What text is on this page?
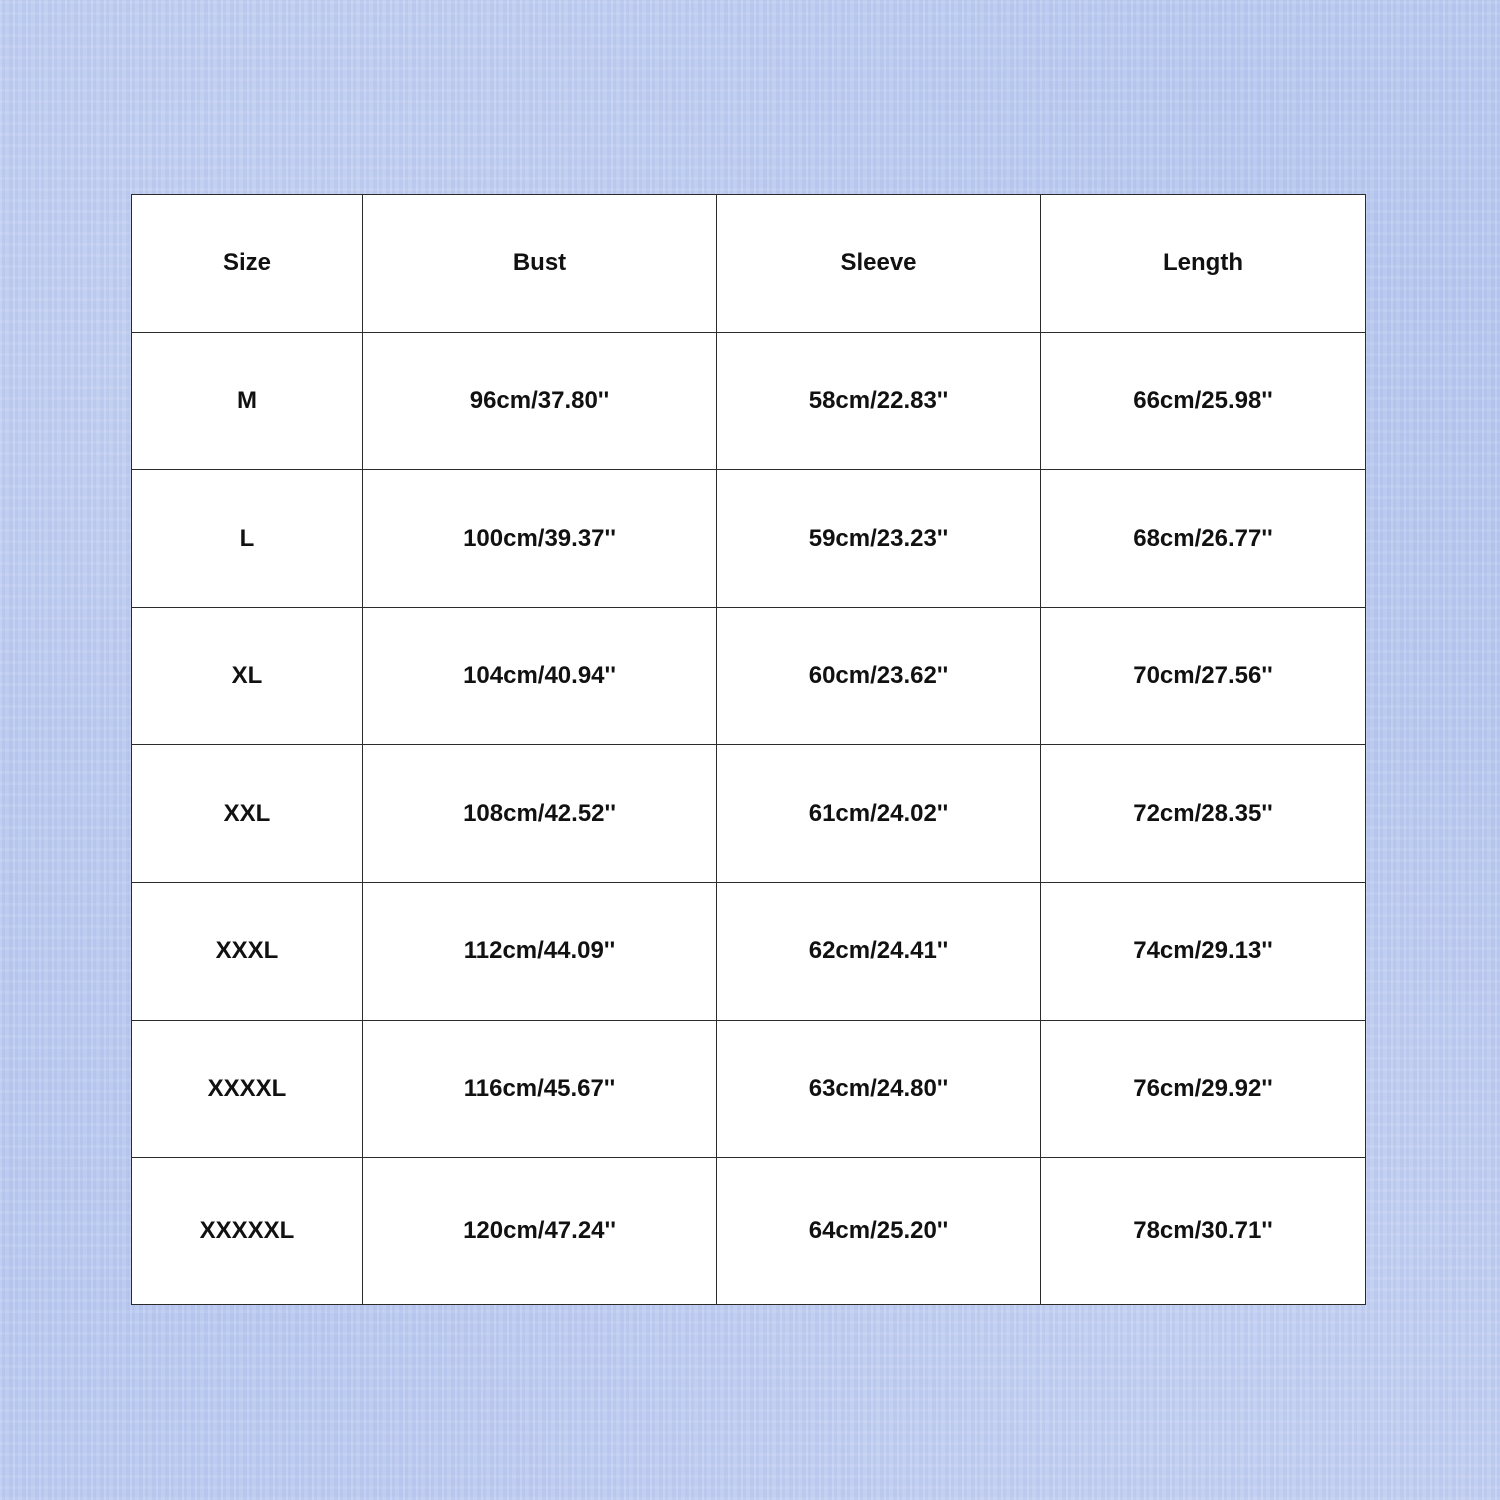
Size	Bust	Sleeve	Length
M	96cm/37.80''	58cm/22.83''	66cm/25.98''
L	100cm/39.37''	59cm/23.23''	68cm/26.77''
XL	104cm/40.94''	60cm/23.62''	70cm/27.56''
XXL	108cm/42.52''	61cm/24.02''	72cm/28.35''
XXXL	112cm/44.09''	62cm/24.41''	74cm/29.13''
XXXXL	116cm/45.67''	63cm/24.80''	76cm/29.92''
XXXXXL	120cm/47.24''	64cm/25.20''	78cm/30.71''
